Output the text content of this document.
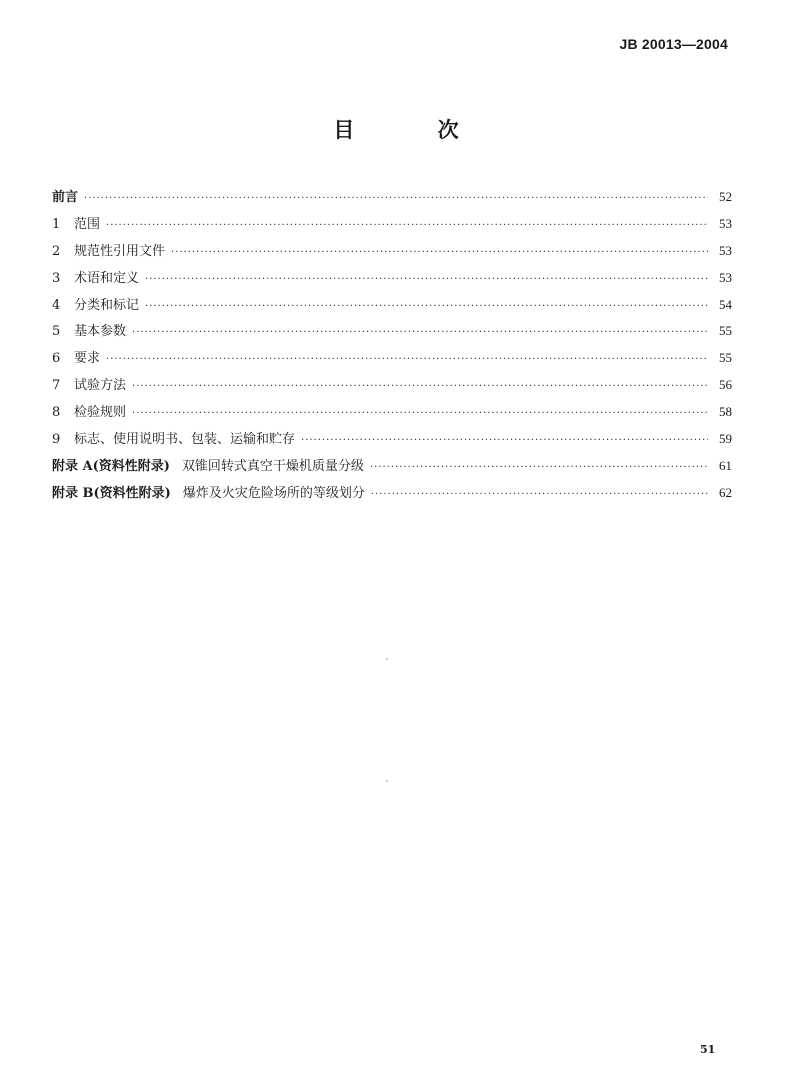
JB 20013—2004
目 次
前言 ·····	52
1	范围 ·····	53
2	规范性引用文件 ·····	53
3	术语和定义 ·····	53
4	分类和标记 ·····	54
5	基本参数 ·····	55
6	要求 ·····	55
7	试验方法 ·····	56
8	检验规则 ·····	58
9	标志、使用说明书、包装、运输和贮存 ·····	59
附录 A(资料性附录) 双锥回转式真空干燥机质量分级 ·····	61
附录 B(资料性附录) 爆炸及火灾危险场所的等级划分 ·····	62
51
